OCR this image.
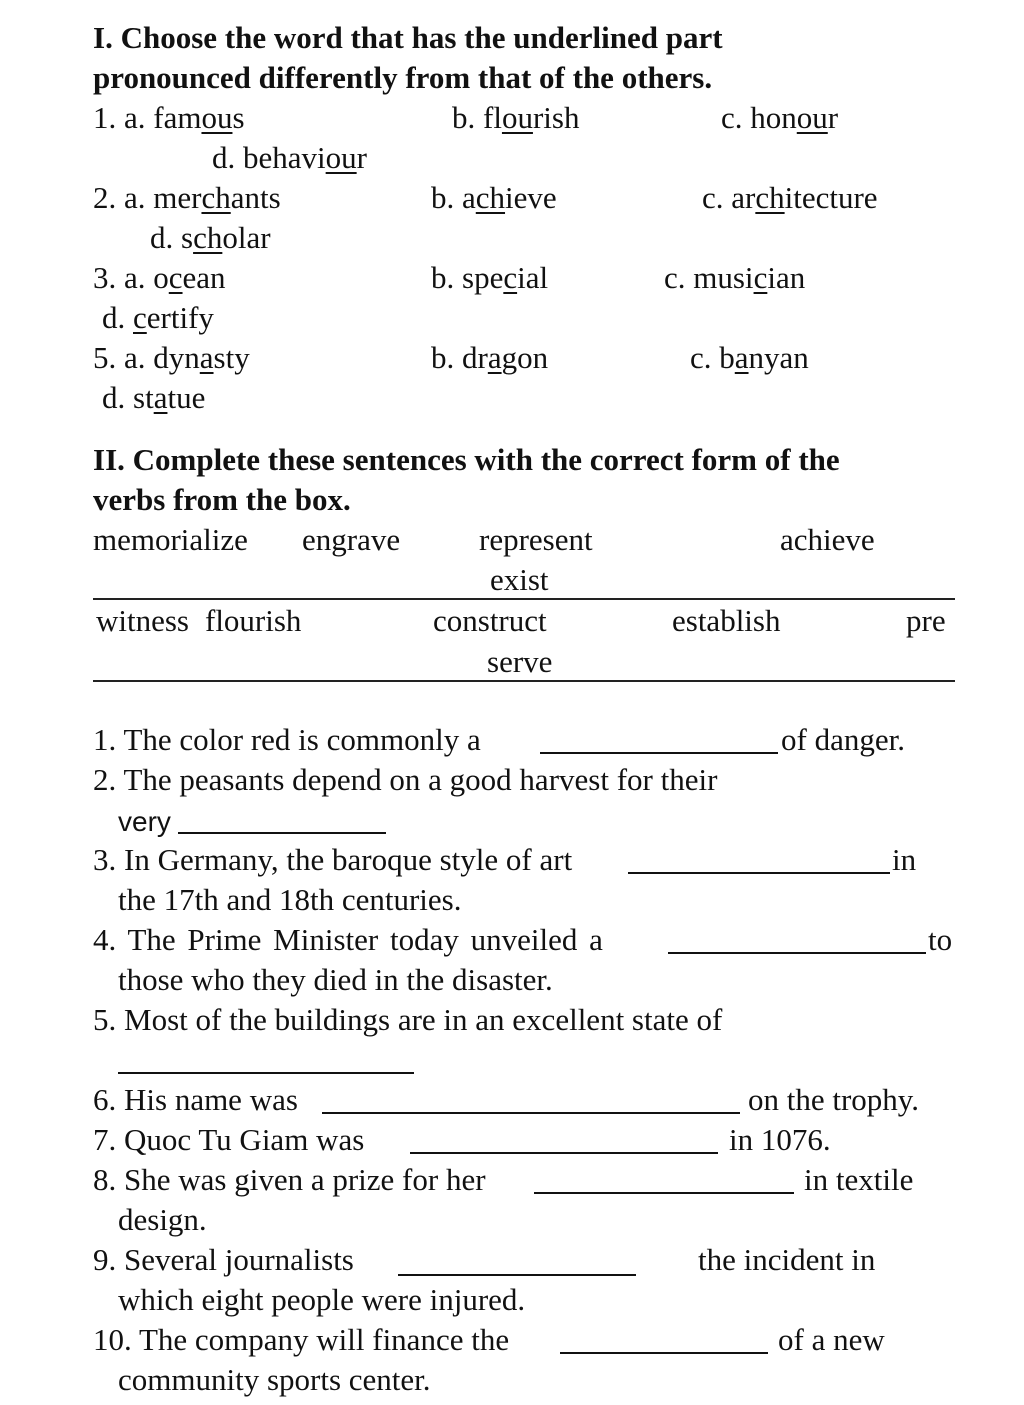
I. Choose the word that has the underlined part
pronounced differently from that of the others.
1. a. famous	b. flourish	c. honour
d. behaviour
2. a. merchants	b. achieve	c. architecture
d. scholar
3. a. ocean	b. special	c. musician
d. certify
5. a. dynasty	b. dragon	c. banyan
d. statue
II. Complete these sentences with the correct form of the
verbs from the box.
memorialize engrave	represent	achieve
exist
witness flourish	construct	establish	pre
serve
1. The color red is commonly a	of danger.
2. The peasants depend on a good harvest for their
very
3. In Germany, the baroque style of art	in
the 17th and 18th centuries.
4. The Prime Minister today unveiled a	to
those who they died in the disaster.
5. Most of the buildings are in an excellent state of
6. His name was	on the trophy.
7. Quoc Tu Giam was	in 1076.
8. She was given a prize for her	in textile
design.
9. Several journalists	the incident in
which eight people were injured.
10. The company will finance the	of a new
community sports center.
